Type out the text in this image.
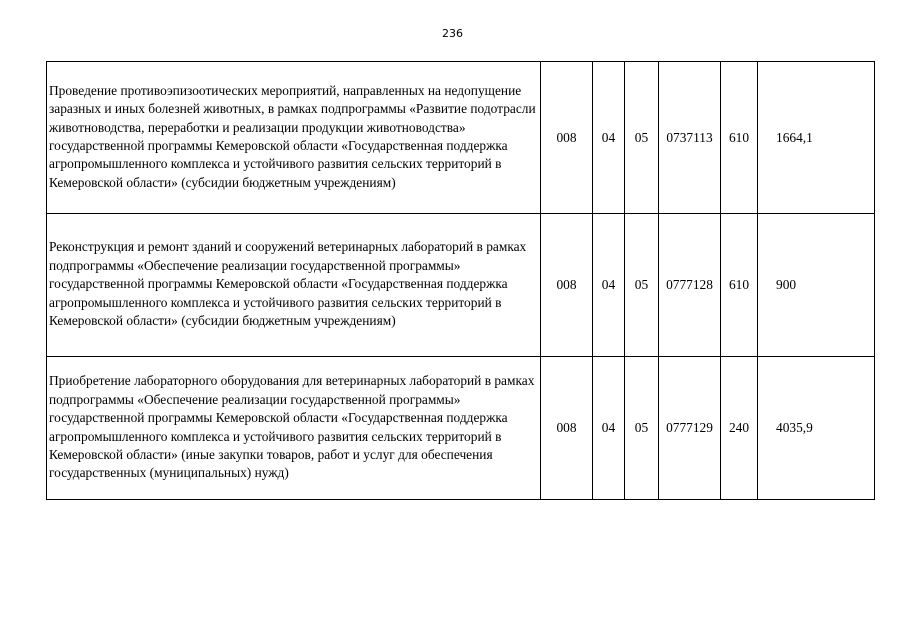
236
Проведение противоэпизоотических мероприятий, направленных на недопущение заразных и иных болезней животных, в рамках подпрограммы «Развитие подотрасли животноводства, переработки и реализации продукции животноводства» государственной программы Кемеровской области «Государственная поддержка агропромышленного комплекса и устойчивого развития сельских территорий в Кемеровской области» (субсидии бюджетным учреждениям)	008	04	05	0737113	610	1664,1
Реконструкция и ремонт зданий и сооружений ветеринарных лабораторий в рамках подпрограммы «Обеспечение реализации государственной программы» государственной программы Кемеровской области «Государственная поддержка агропромышленного комплекса и устойчивого развития сельских территорий в Кемеровской области» (субсидии бюджетным учреждениям)	008	04	05	0777128	610	900
Приобретение лабораторного оборудования для ветеринарных лабораторий в рамках подпрограммы «Обеспечение реализации государственной программы» государственной программы Кемеровской области «Государственная поддержка агропромышленного комплекса и устойчивого развития сельских территорий в Кемеровской области» (иные закупки товаров, работ и услуг для обеспечения государственных (муниципальных) нужд)	008	04	05	0777129	240	4035,9
